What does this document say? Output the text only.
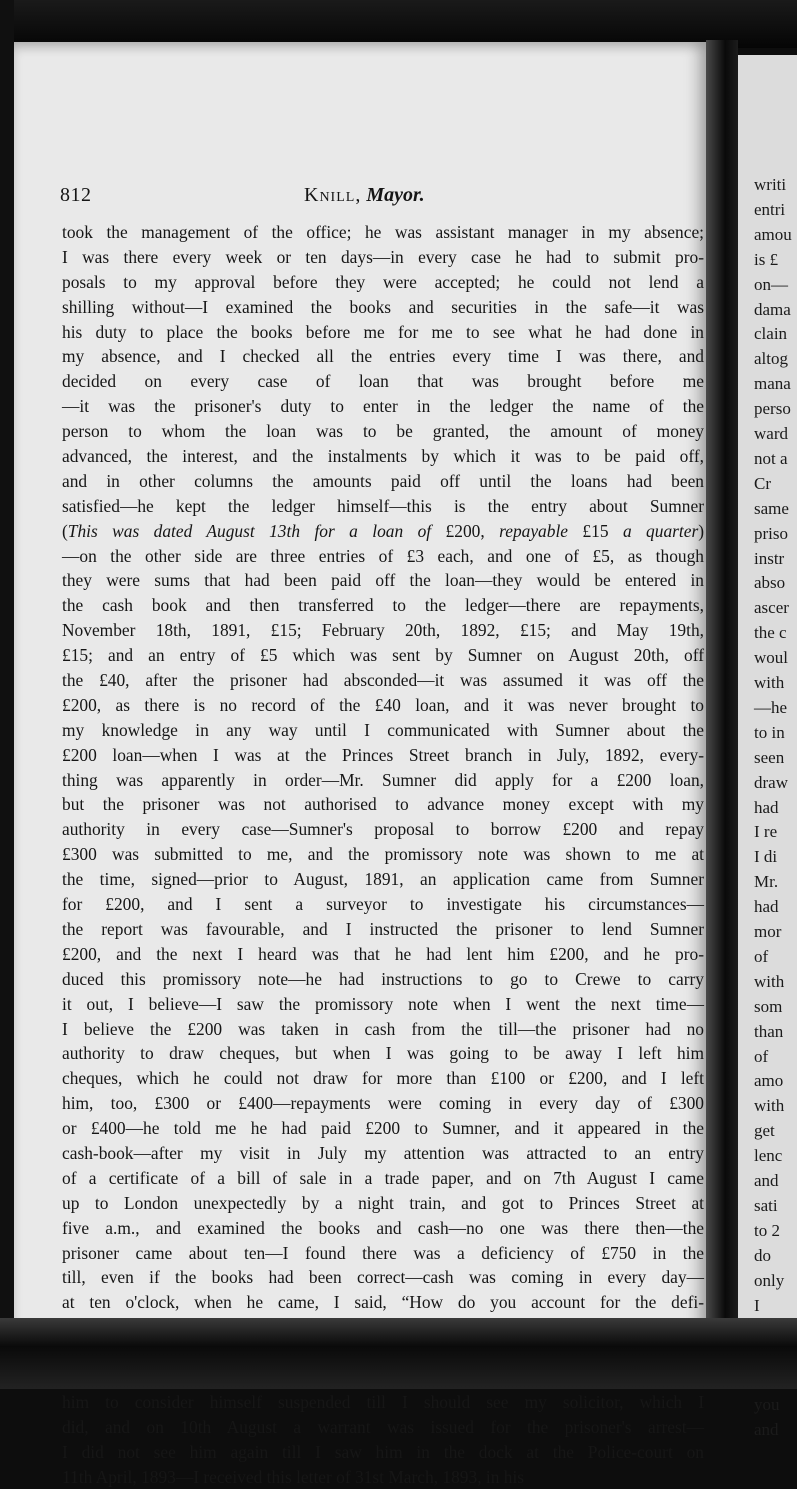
812	Knill, Mayor.
took the management of the office; he was assistant manager in my absence;
I was there every week or ten days—in every case he had to submit pro-
posals to my approval before they were accepted; he could not lend a
shilling without—I examined the books and securities in the safe—it was
his duty to place the books before me for me to see what he had done in
my absence, and I checked all the entries every time I was there, and
decided on every case of loan that was brought before me
—it was the prisoner's duty to enter in the ledger the name of the
person to whom the loan was to be granted, the amount of money
advanced, the interest, and the instalments by which it was to be paid off,
and in other columns the amounts paid off until the loans had been
satisfied—he kept the ledger himself—this is the entry about Sumner
(This was dated August 13th for a loan of £200, repayable £15 a quarter)
—on the other side are three entries of £3 each, and one of £5, as though
they were sums that had been paid off the loan—they would be entered in
the cash book and then transferred to the ledger—there are repayments,
November 18th, 1891, £15; February 20th, 1892, £15; and May 19th,
£15; and an entry of £5 which was sent by Sumner on August 20th, off
the £40, after the prisoner had absconded—it was assumed it was off the
£200, as there is no record of the £40 loan, and it was never brought to
my knowledge in any way until I communicated with Sumner about the
£200 loan—when I was at the Princes Street branch in July, 1892, every-
thing was apparently in order—Mr. Sumner did apply for a £200 loan,
but the prisoner was not authorised to advance money except with my
authority in every case—Sumner's proposal to borrow £200 and repay
£300 was submitted to me, and the promissory note was shown to me at
the time, signed—prior to August, 1891, an application came from Sumner
for £200, and I sent a surveyor to investigate his circumstances—
the report was favourable, and I instructed the prisoner to lend Sumner
£200, and the next I heard was that he had lent him £200, and he pro-
duced this promissory note—he had instructions to go to Crewe to carry
it out, I believe—I saw the promissory note when I went the next time—
I believe the £200 was taken in cash from the till—the prisoner had no
authority to draw cheques, but when I was going to be away I left him
cheques, which he could not draw for more than £100 or £200, and I left
him, too, £300 or £400—repayments were coming in every day of £300
or £400—he told me he had paid £200 to Sumner, and it appeared in the
cash-book—after my visit in July my attention was attracted to an entry
of a certificate of a bill of sale in a trade paper, and on 7th August I came
up to London unexpectedly by a night train, and got to Princes Street at
five a.m., and examined the books and cash—no one was there then—the
prisoner came about ten—I found there was a deficiency of £750 in the
till, even if the books had been correct—cash was coming in every day—
at ten o'clock, when he came, I said, “How do you account for the defi-
him to consider himself suspended till I should see my solicitor, which I
did, and on 10th August a warrant was issued for the prisoner's arrest—
I did not see him again till I saw him in the dock at the Police-court on
11th April, 1893—I received this letter of 31st March, 1893, in his
writi
entri
amou
is £
on—
dama
clain
altog
mana
perso
ward
not a
Cr
same
priso
instr
abso
ascer
the c
woul
with
—he
to in
seen
draw
had
I re
I di
Mr.
had
mor
of
with
som
than
of
amo
with
get
lenc
and
sati
to 2
do
only
I
you
and
